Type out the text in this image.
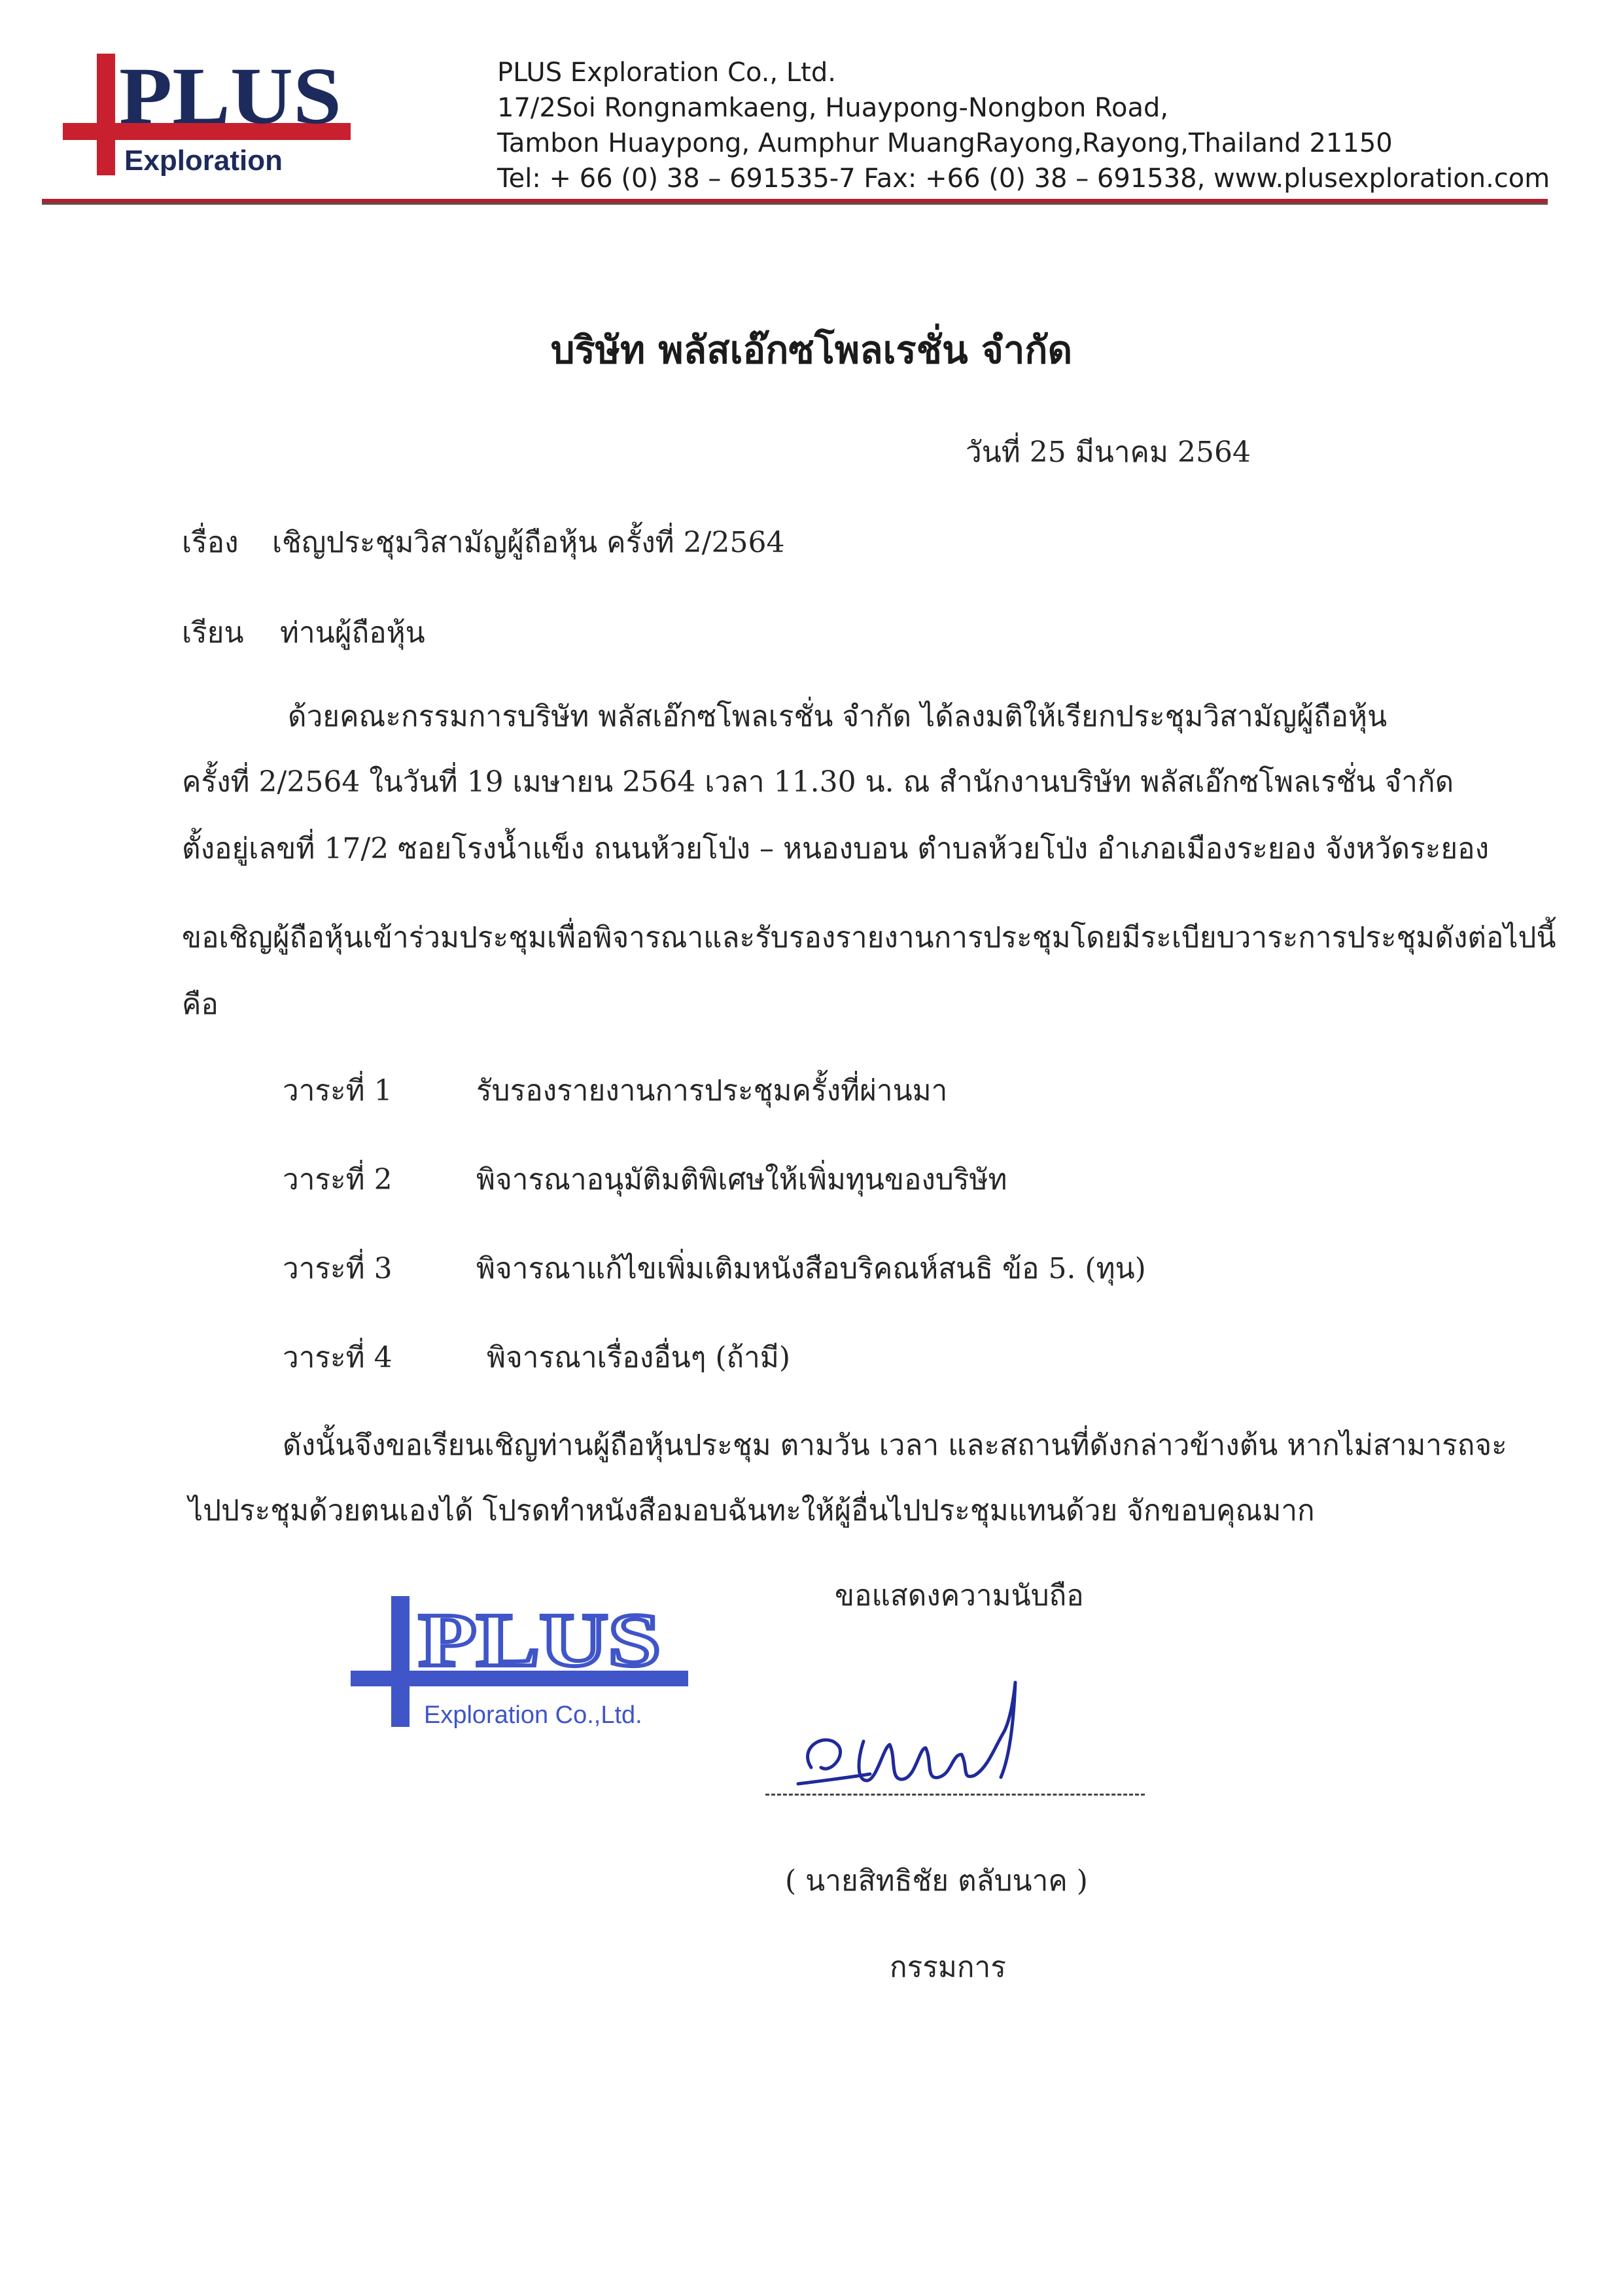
PLUS
Exploration
PLUS Exploration Co., Ltd.
17/2Soi Rongnamkaeng, Huaypong-Nongbon Road,
Tambon Huaypong, Aumphur MuangRayong,Rayong,Thailand 21150
Tel: + 66 (0) 38 – 691535-7 Fax: +66 (0) 38 – 691538, www.plusexploration.com
บริษัท พลัสเอ๊กซโพลเรชั่น จำกัด
วันที่ 25 มีนาคม 2564
เรื่อง เชิญประชุมวิสามัญผู้ถือหุ้น ครั้งที่ 2/2564
เรียน ท่านผู้ถือหุ้น
ด้วยคณะกรรมการบริษัท พลัสเอ๊กซโพลเรชั่น จำกัด ได้ลงมติให้เรียกประชุมวิสามัญผู้ถือหุ้น
ครั้งที่ 2/2564 ในวันที่ 19 เมษายน 2564 เวลา 11.30 น. ณ สำนักงานบริษัท พลัสเอ๊กซโพลเรชั่น จำกัด
ตั้งอยู่เลขที่ 17/2 ซอยโรงน้ำแข็ง ถนนห้วยโป่ง – หนองบอน ตำบลห้วยโป่ง อำเภอเมืองระยอง จังหวัดระยอง
ขอเชิญผู้ถือหุ้นเข้าร่วมประชุมเพื่อพิจารณาและรับรองรายงานการประชุมโดยมีระเบียบวาระการประชุมดังต่อไปนี้
คือ
วาระที่ 1	รับรองรายงานการประชุมครั้งที่ผ่านมา
วาระที่ 2	พิจารณาอนุมัติมติพิเศษให้เพิ่มทุนของบริษัท
วาระที่ 3	พิจารณาแก้ไขเพิ่มเติมหนังสือบริคณห์สนธิ ข้อ 5. (ทุน)
วาระที่ 4	พิจารณาเรื่องอื่นๆ (ถ้ามี)
ดังนั้นจึงขอเรียนเชิญท่านผู้ถือหุ้นประชุม ตามวัน เวลา และสถานที่ดังกล่าวข้างต้น หากไม่สามารถจะ
ไปประชุมด้วยตนเองได้ โปรดทำหนังสือมอบฉันทะให้ผู้อื่นไปประชุมแทนด้วย จักขอบคุณมาก
ขอแสดงความนับถือ
PLUS
Exploration Co.,Ltd.
( นายสิทธิชัย ตลับนาค )
กรรมการ
